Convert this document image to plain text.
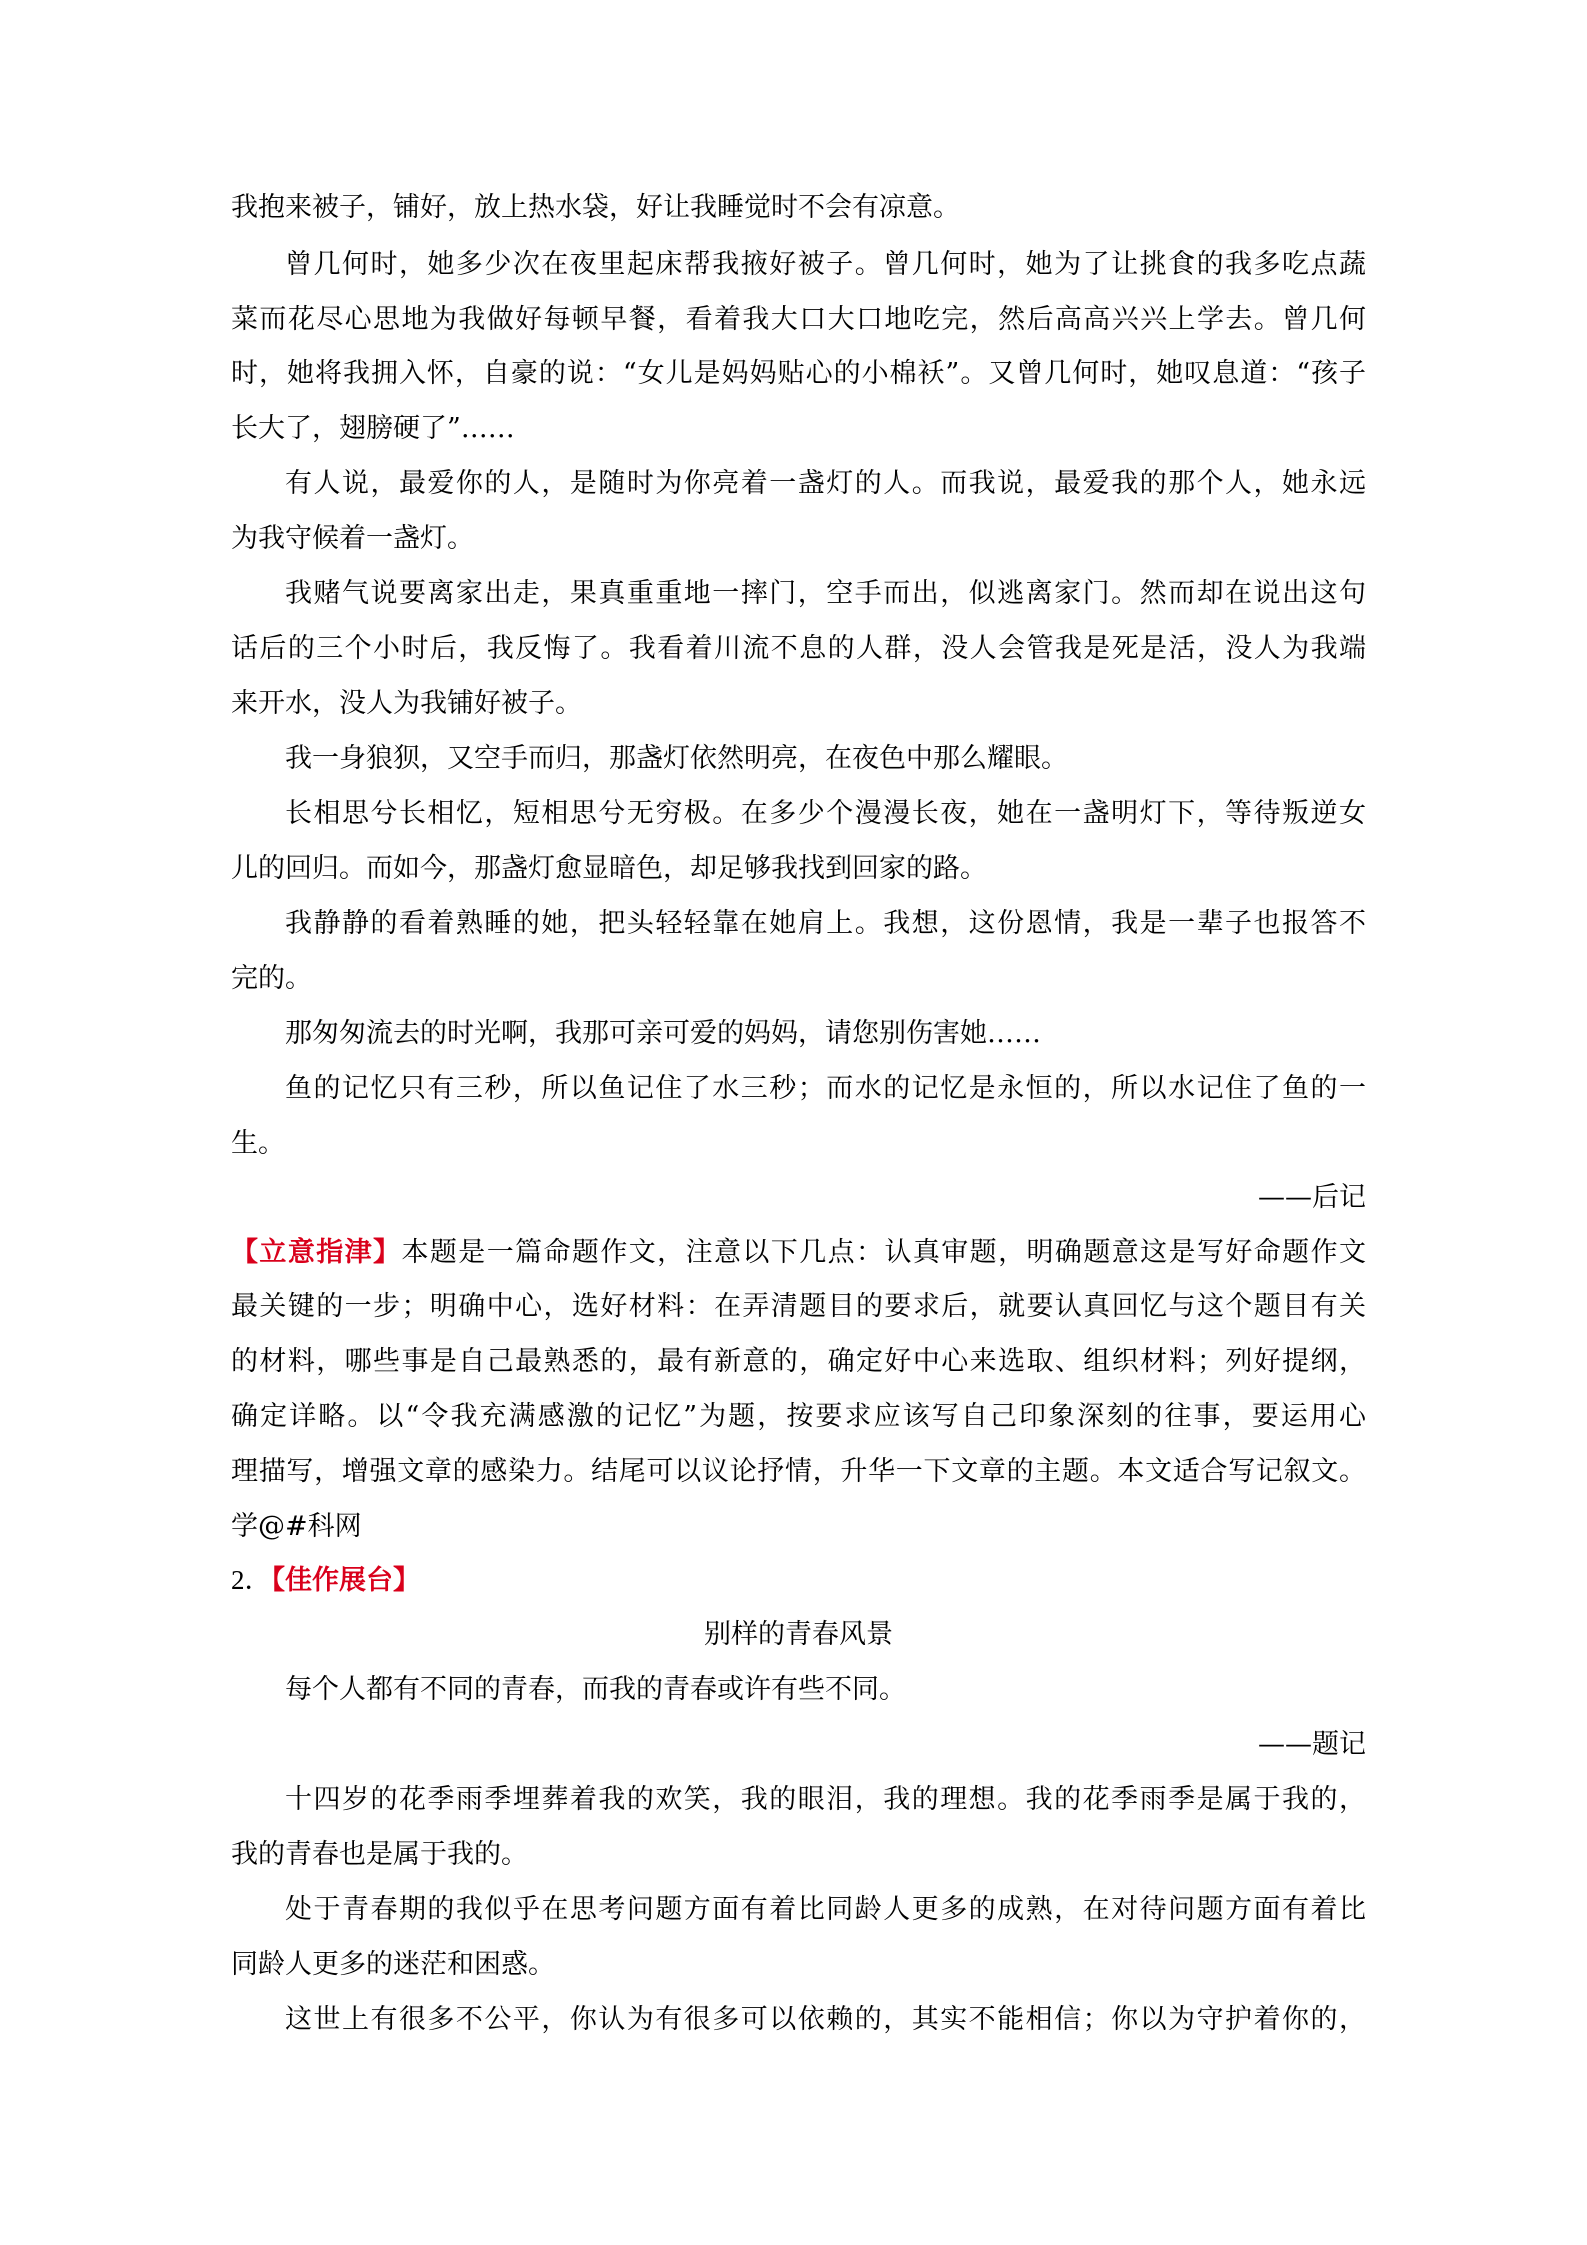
我抱来被子，铺好，放上热水袋，好让我睡觉时不会有凉意。

曾几何时，她多少次在夜里起床帮我掖好被子。曾几何时，她为了让挑食的我多吃点蔬

菜而花尽心思地为我做好每顿早餐，看着我大口大口地吃完，然后高高兴兴上学去。曾几何

时，她将我拥入怀，自豪的说：“女儿是妈妈贴心的小棉袄”。又曾几何时，她叹息道：“孩子

长大了，翅膀硬了”……

有人说，最爱你的人，是随时为你亮着一盏灯的人。而我说，最爱我的那个人，她永远

为我守候着一盏灯。

我赌气说要离家出走，果真重重地一摔门，空手而出，似逃离家门。然而却在说出这句

话后的三个小时后，我反悔了。我看着川流不息的人群，没人会管我是死是活，没人为我端

来开水，没人为我铺好被子。

我一身狼狈，又空手而归，那盏灯依然明亮，在夜色中那么耀眼。

长相思兮长相忆，短相思兮无穷极。在多少个漫漫长夜，她在一盏明灯下，等待叛逆女

儿的回归。而如今，那盏灯愈显暗色，却足够我找到回家的路。

我静静的看着熟睡的她，把头轻轻靠在她肩上。我想，这份恩情，我是一辈子也报答不

完的。

那匆匆流去的时光啊，我那可亲可爱的妈妈，请您别伤害她……

鱼的记忆只有三秒，所以鱼记住了水三秒；而水的记忆是永恒的，所以水记住了鱼的一

生。

——后记

【立意指津】本题是一篇命题作文，注意以下几点：认真审题，明确题意这是写好命题作文

最关键的一步；明确中心，选好材料：在弄清题目的要求后，就要认真回忆与这个题目有关

的材料，哪些事是自己最熟悉的，最有新意的，确定好中心来选取、组织材料；列好提纲，

确定详略。以“令我充满感激的记忆”为题，按要求应该写自己印象深刻的往事，要运用心

理描写，增强文章的感染力。结尾可以议论抒情，升华一下文章的主题。本文适合写记叙文。

学@#科网

2．【佳作展台】

别样的青春风景

每个人都有不同的青春，而我的青春或许有些不同。

——题记

十四岁的花季雨季埋葬着我的欢笑，我的眼泪，我的理想。我的花季雨季是属于我的，

我的青春也是属于我的。

处于青春期的我似乎在思考问题方面有着比同龄人更多的成熟，在对待问题方面有着比

同龄人更多的迷茫和困惑。

这世上有很多不公平，你认为有很多可以依赖的，其实不能相信；你以为守护着你的，
